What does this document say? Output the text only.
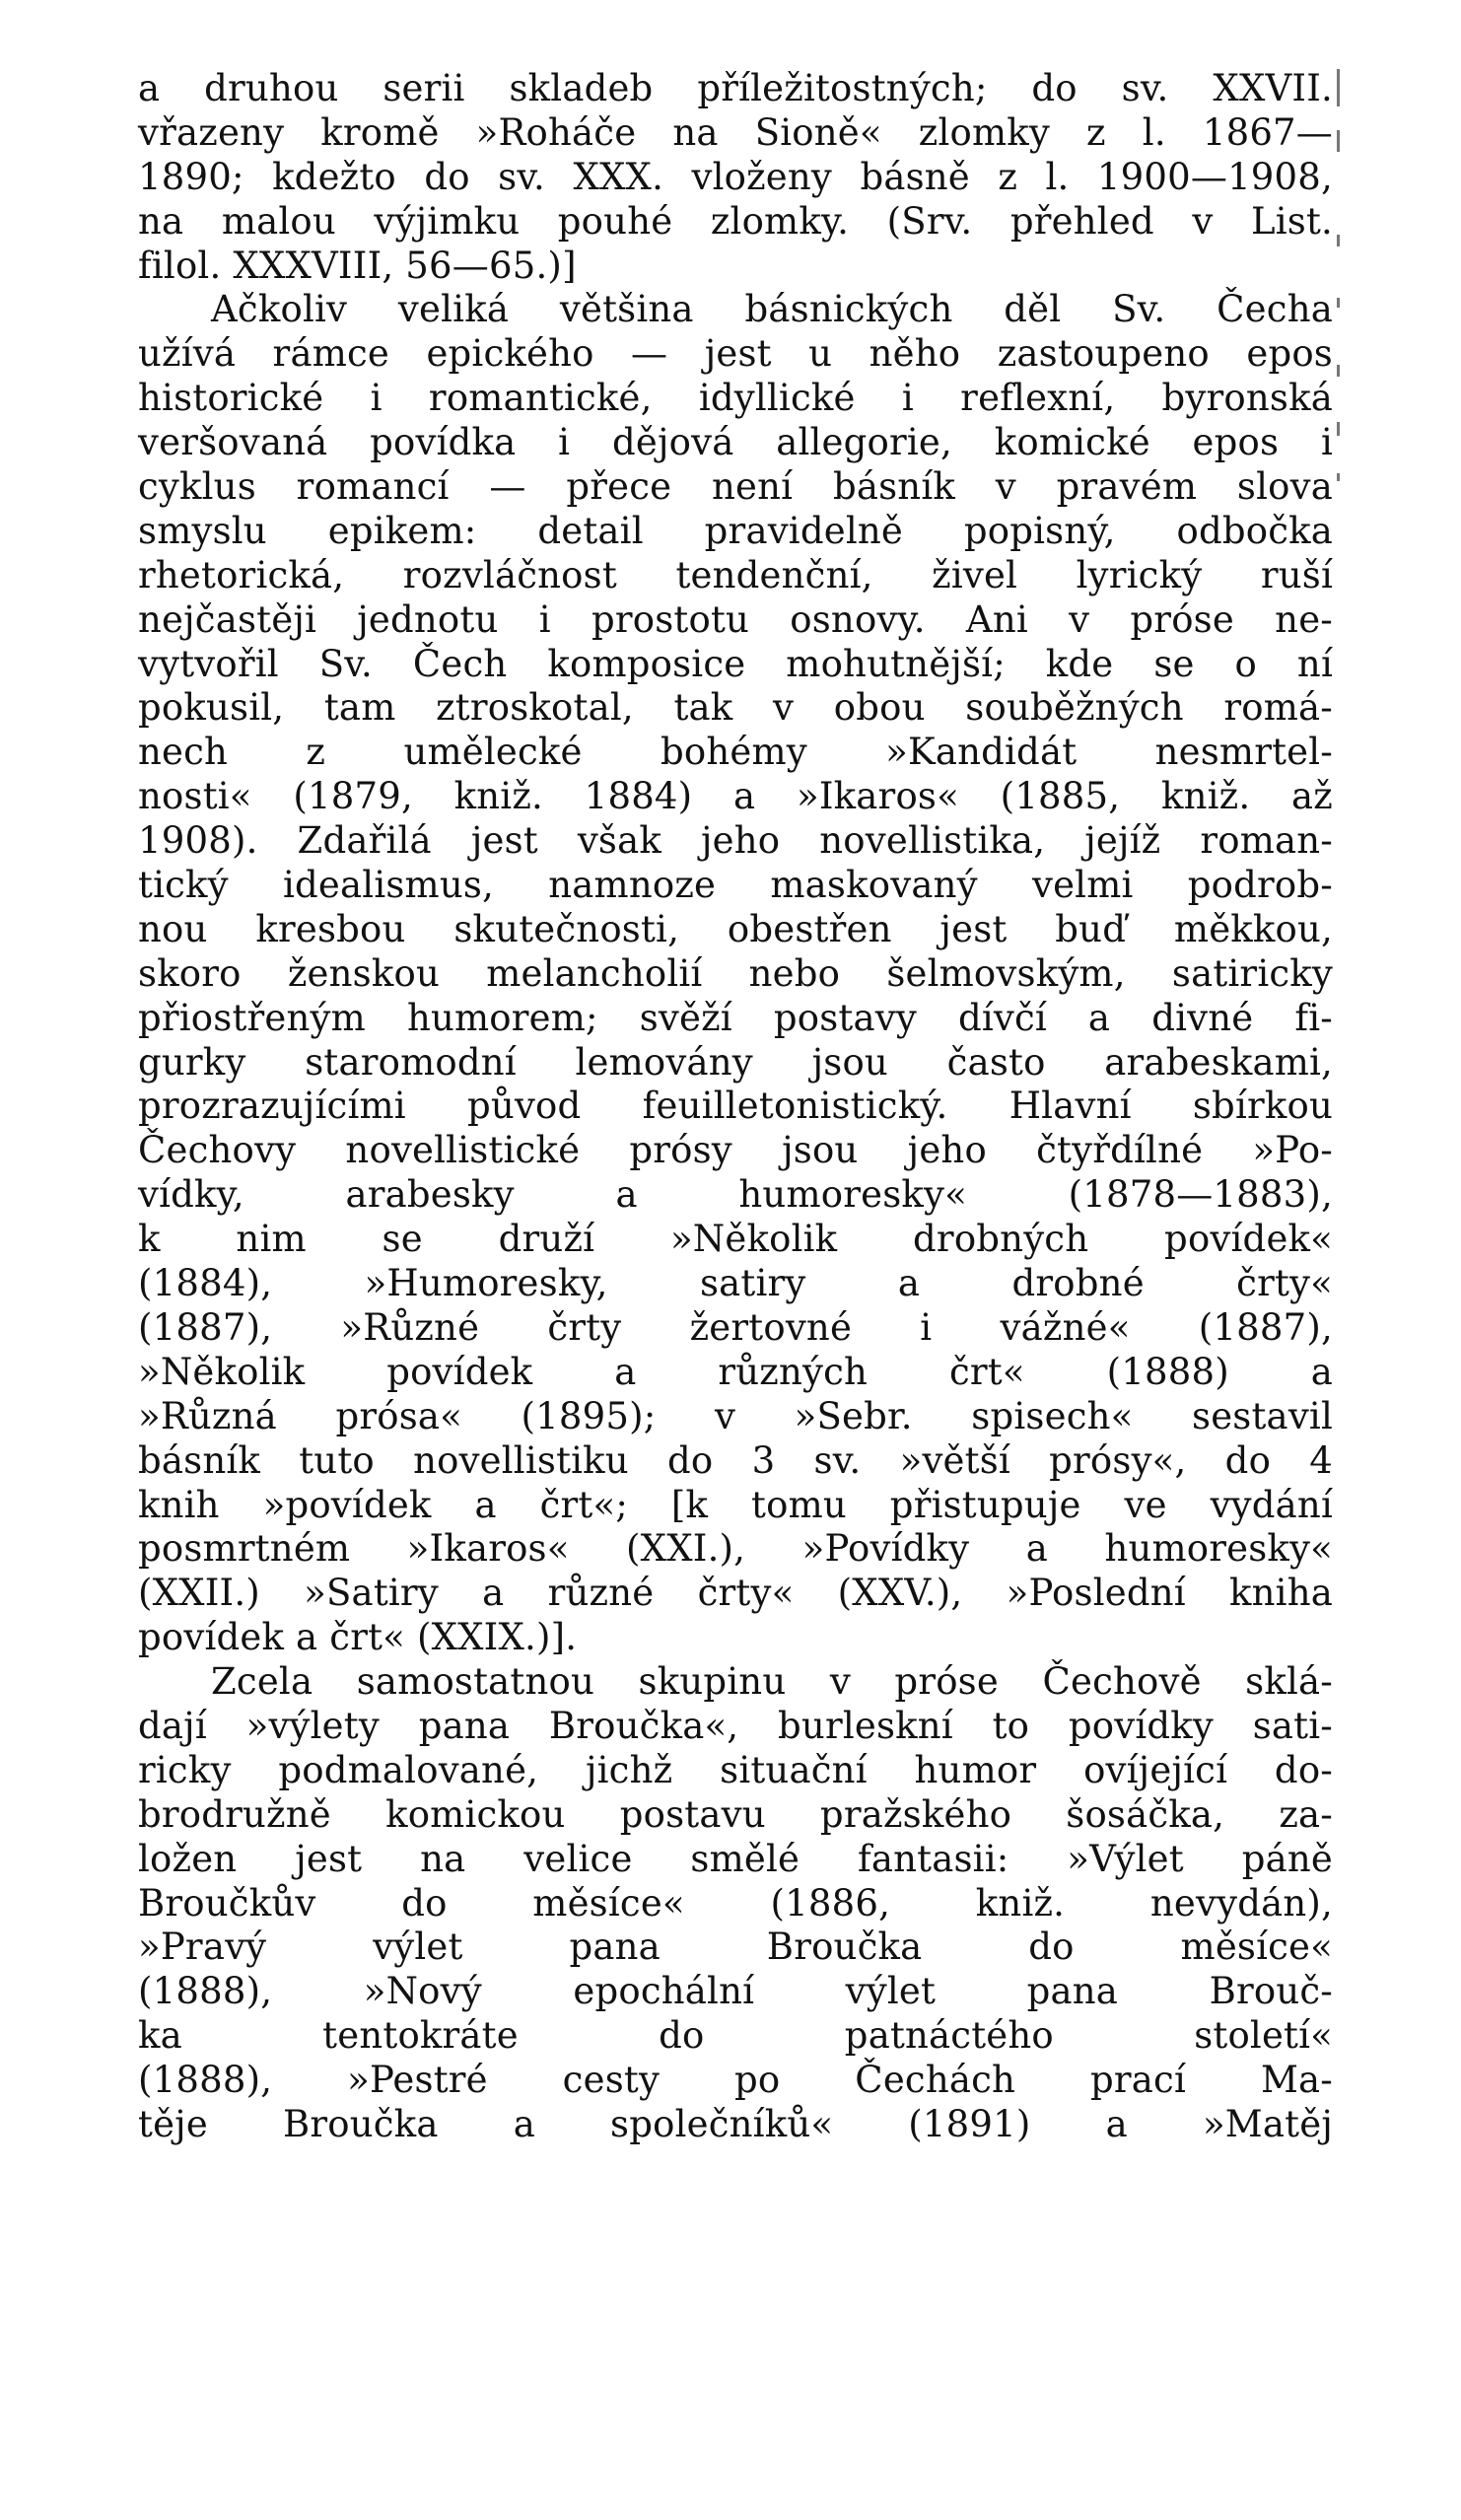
a druhou serii skladeb příležitostných; do sv. XXVII.
vřazeny kromě »Roháče na Sioně« zlomky z l. 1867—
1890; kdežto do sv. XXX. vloženy básně z l. 1900—1908,
na malou výjimku pouhé zlomky. (Srv. přehled v List.
filol. XXXVIII, 56—65.)]
Ačkoliv veliká většina básnických děl Sv. Čecha
užívá rámce epického — jest u něho zastoupeno epos
historické i romantické, idyllické i reflexní, byronská
veršovaná povídka i dějová allegorie, komické epos i
cyklus romancí — přece není básník v pravém slova
smyslu epikem: detail pravidelně popisný, odbočka
rhetorická, rozvláčnost tendenční, živel lyrický ruší
nejčastěji jednotu i prostotu osnovy. Ani v próse ne-
vytvořil Sv. Čech komposice mohutnější; kde se o ní
pokusil, tam ztroskotal, tak v obou souběžných romá-
nech z umělecké bohémy »Kandidát nesmrtel-
nosti« (1879, kniž. 1884) a »Ikaros« (1885, kniž. až
1908). Zdařilá jest však jeho novellistika, jejíž roman-
tický idealismus, namnoze maskovaný velmi podrob-
nou kresbou skutečnosti, obestřen jest buď měkkou,
skoro ženskou melancholií nebo šelmovským, satiricky
přiostřeným humorem; svěží postavy dívčí a divné fi-
gurky staromodní lemovány jsou často arabeskami,
prozrazujícími původ feuilletonistický. Hlavní sbírkou
Čechovy novellistické prósy jsou jeho čtyřdílné »Po-
vídky, arabesky a humoresky« (1878—1883),
k nim se druží »Několik drobných povídek«
(1884), »Humoresky, satiry a drobné črty«
(1887), »Různé črty žertovné i vážné« (1887),
»Několik povídek a různých črt« (1888) a
»Různá prósa« (1895); v »Sebr. spisech« sestavil
básník tuto novellistiku do 3 sv. »větší prósy«, do 4
knih »povídek a črt«; [k tomu přistupuje ve vydání
posmrtném »Ikaros« (XXI.), »Povídky a humoresky«
(XXII.) »Satiry a různé črty« (XXV.), »Poslední kniha
povídek a črt« (XXIX.)].
Zcela samostatnou skupinu v próse Čechově sklá-
dají »výlety pana Broučka«, burleskní to povídky sati-
ricky podmalované, jichž situační humor ovíjející do-
brodružně komickou postavu pražského šosáčka, za-
ložen jest na velice smělé fantasii: »Výlet páně
Broučkův do měsíce« (1886, kniž. nevydán),
»Pravý výlet pana Broučka do měsíce«
(1888), »Nový epochální výlet pana Brouč-
ka tentokráte do patnáctého století«
(1888), »Pestré cesty po Čechách prací Ma-
těje Broučka a společníků« (1891) a »Matěj
